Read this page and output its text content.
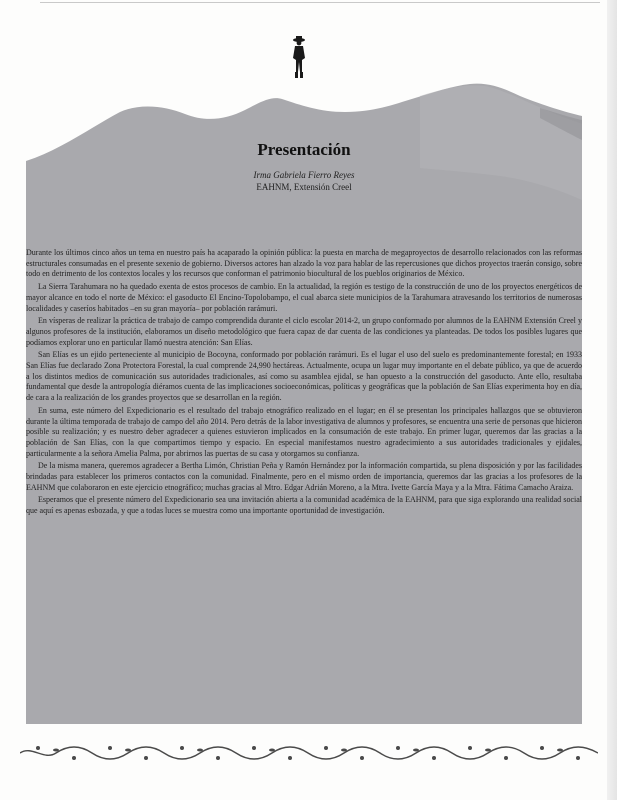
Presentación
Irma Gabriela Fierro Reyes
EAHNM, Extensión Creel

Durante los últimos cinco años un tema en nuestro país ha acaparado la opinión pública: la puesta en marcha de megaproyectos de desarrollo relacionados con las reformas estructurales consumadas en el presente sexenio de gobierno. Diversos actores han alzado la voz para hablar de las repercusiones que dichos proyectos traerán consigo, sobre todo en detrimento de los contextos locales y los recursos que conforman el patrimonio biocultural de los pueblos originarios de México.

La Sierra Tarahumara no ha quedado exenta de estos procesos de cambio. En la actualidad, la región es testigo de la construcción de uno de los proyectos energéticos de mayor alcance en todo el norte de México: el gasoducto El Encino-Topolobampo, el cual abarca siete municipios de la Tarahumara atravesando los territorios de numerosas localidades y caseríos habitados –en su gran mayoría– por población rarámuri.

En vísperas de realizar la práctica de trabajo de campo comprendida durante el ciclo escolar 2014-2, un grupo conformado por alumnos de la EAHNM Extensión Creel y algunos profesores de la institución, elaboramos un diseño metodológico que fuera capaz de dar cuenta de las condiciones ya planteadas. De todos los posibles lugares que podíamos explorar uno en particular llamó nuestra atención: San Elías.

San Elías es un ejido perteneciente al municipio de Bocoyna, conformado por población rarámuri. Es el lugar el uso del suelo es predominantemente forestal; en 1933 San Elías fue declarado Zona Protectora Forestal, la cual comprende 24,990 hectáreas. Actualmente, ocupa un lugar muy importante en el debate público, ya que de acuerdo a los distintos medios de comunicación sus autoridades tradicionales, así como su asamblea ejidal, se han opuesto a la construcción del gasoducto. Ante ello, resultaba fundamental que desde la antropología diéramos cuenta de las implicaciones socioeconómicas, políticas y geográficas que la población de San Elías experimenta hoy en día, de cara a la realización de los grandes proyectos que se desarrollan en la región.

En suma, este número del Expedicionario es el resultado del trabajo etnográfico realizado en el lugar; en él se presentan los principales hallazgos que se obtuvieron durante la última temporada de trabajo de campo del año 2014. Pero detrás de la labor investigativa de alumnos y profesores, se encuentra una serie de personas que hicieron posible su realización; y es nuestro deber agradecer a quienes estuvieron implicados en la consumación de este trabajo. En primer lugar, queremos dar las gracias a la población de San Elías, con la que compartimos tiempo y espacio. En especial manifestamos nuestro agradecimiento a sus autoridades tradicionales y ejidales, particularmente a la señora Amelia Palma, por abrirnos las puertas de su casa y otorgarnos su confianza.

De la misma manera, queremos agradecer a Bertha Limón, Christian Peña y Ramón Hernández por la información compartida, su plena disposición y por las facilidades brindadas para establecer los primeros contactos con la comunidad. Finalmente, pero en el mismo orden de importancia, queremos dar las gracias a los profesores de la EAHNM que colaboraron en este ejercicio etnográfico; muchas gracias al Mtro. Edgar Adrián Moreno, a la Mtra. Ivette García Maya y a la Mtra. Fátima Camacho Araiza.

Esperamos que el presente número del Expedicionario sea una invitación abierta a la comunidad académica de la EAHNM, para que siga explorando una realidad social que aquí es apenas esbozada, y que a todas luces se muestra como una importante oportunidad de investigación.
